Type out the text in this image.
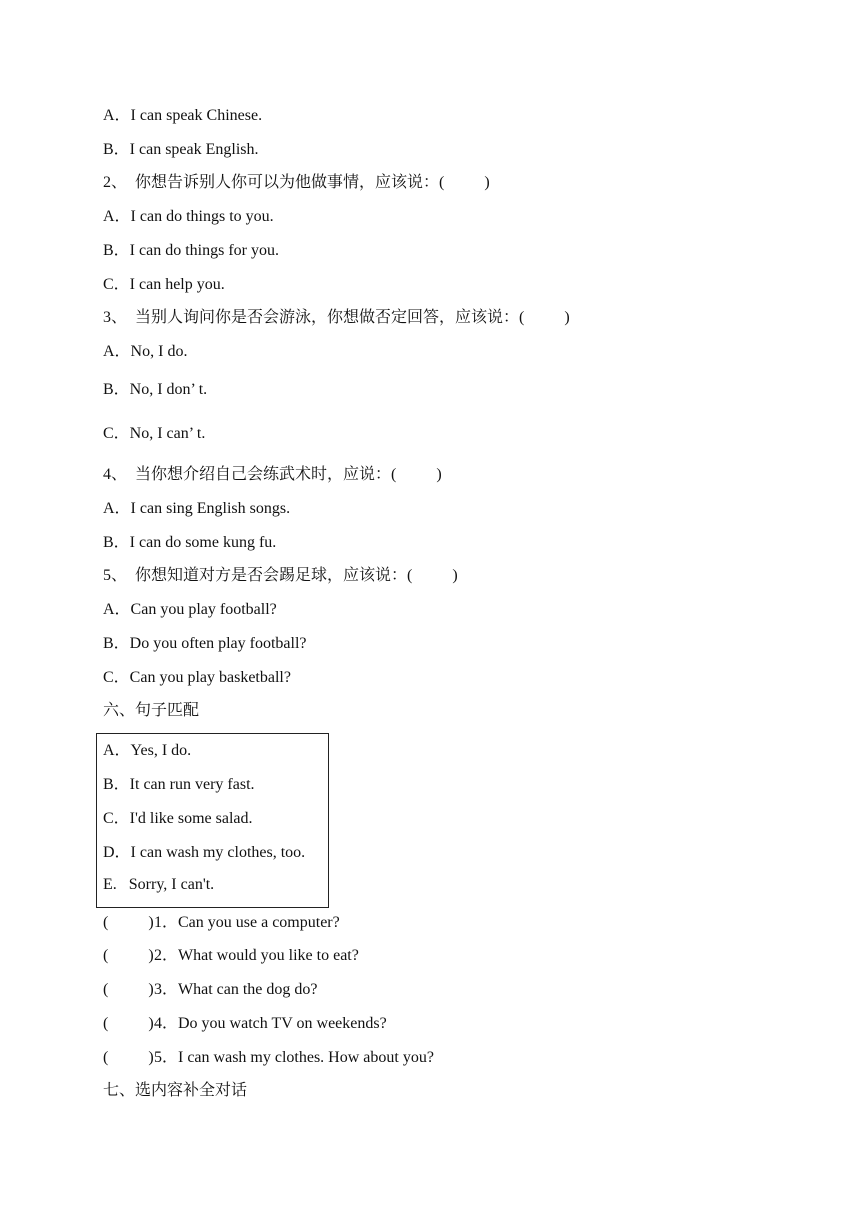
A．I can speak Chinese.
B．I can speak English.
2、  你想告诉别人你可以为他做事情，应该说：(          )
A．I can do things to you.
B．I can do things for you.
C．I can help you.
3、  当别人询问你是否会游泳，你想做否定回答，应该说：(          )
A．No, I do.
B．No, I don’ t.
C．No, I can’ t.
4、  当你想介绍自己会练武术时，应说：(          )
A．I can sing English songs.
B．I can do some kung fu.
5、  你想知道对方是否会踢足球，应该说：(          )
A．Can you play football?
B．Do you often play football?
C．Can you play basketball?
六、句子匹配
A．Yes, I do.
B．It can run very fast.
C．I'd like some salad.
D．I can wash my clothes, too.
E.   Sorry, I can't.
(          ) 1．Can you use a computer?
(          ) 2．What would you like to eat?
(          ) 3．What can the dog do?
(          ) 4．Do you watch TV on weekends?
(          ) 5．I can wash my clothes. How about you?
七、选内容补全对话
